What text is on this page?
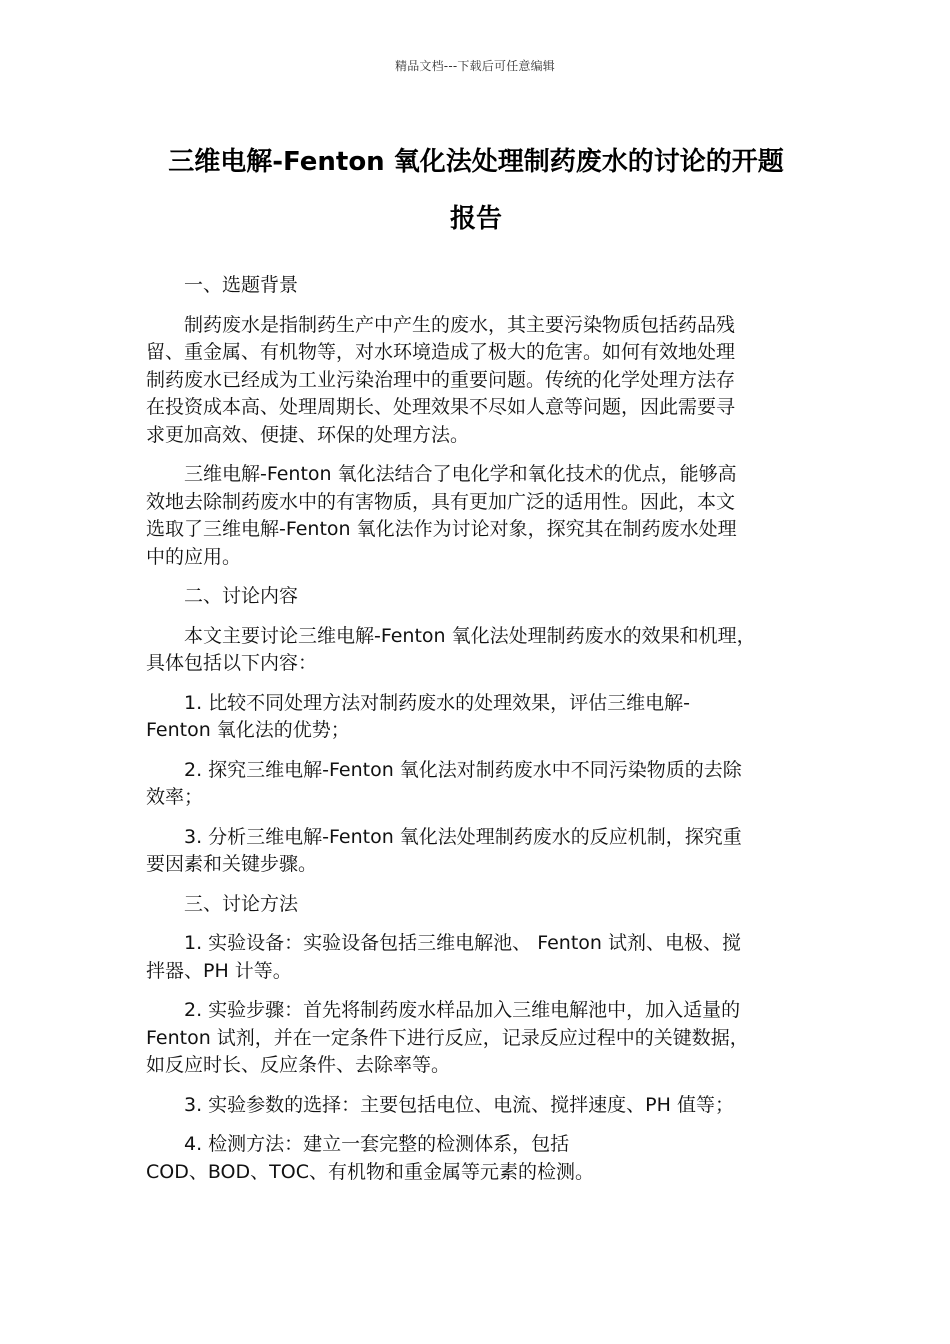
精品文档---下载后可任意编辑
三维电解-Fenton 氧化法处理制药废水的讨论的开题
报告

一、选题背景

制药废水是指制药生产中产生的废水，其主要污染物质包括药品残
留、重金属、有机物等，对水环境造成了极大的危害。如何有效地处理
制药废水已经成为工业污染治理中的重要问题。传统的化学处理方法存
在投资成本高、处理周期长、处理效果不尽如人意等问题，因此需要寻
求更加高效、便捷、环保的处理方法。

三维电解-Fenton 氧化法结合了电化学和氧化技术的优点，能够高
效地去除制药废水中的有害物质，具有更加广泛的适用性。因此，本文
选取了三维电解-Fenton 氧化法作为讨论对象，探究其在制药废水处理
中的应用。

二、讨论内容

本文主要讨论三维电解-Fenton 氧化法处理制药废水的效果和机理，
具体包括以下内容：

1. 比较不同处理方法对制药废水的处理效果，评估三维电解-
Fenton 氧化法的优势；

2. 探究三维电解-Fenton 氧化法对制药废水中不同污染物质的去除
效率；

3. 分析三维电解-Fenton 氧化法处理制药废水的反应机制，探究重
要因素和关键步骤。

三、讨论方法

1. 实验设备：实验设备包括三维电解池、 Fenton 试剂、电极、搅
拌器、PH 计等。

2. 实验步骤：首先将制药废水样品加入三维电解池中，加入适量的
Fenton 试剂，并在一定条件下进行反应，记录反应过程中的关键数据，
如反应时长、反应条件、去除率等。

3. 实验参数的选择：主要包括电位、电流、搅拌速度、PH 值等；

4. 检测方法：建立一套完整的检测体系，包括
COD、BOD、TOC、有机物和重金属等元素的检测。
